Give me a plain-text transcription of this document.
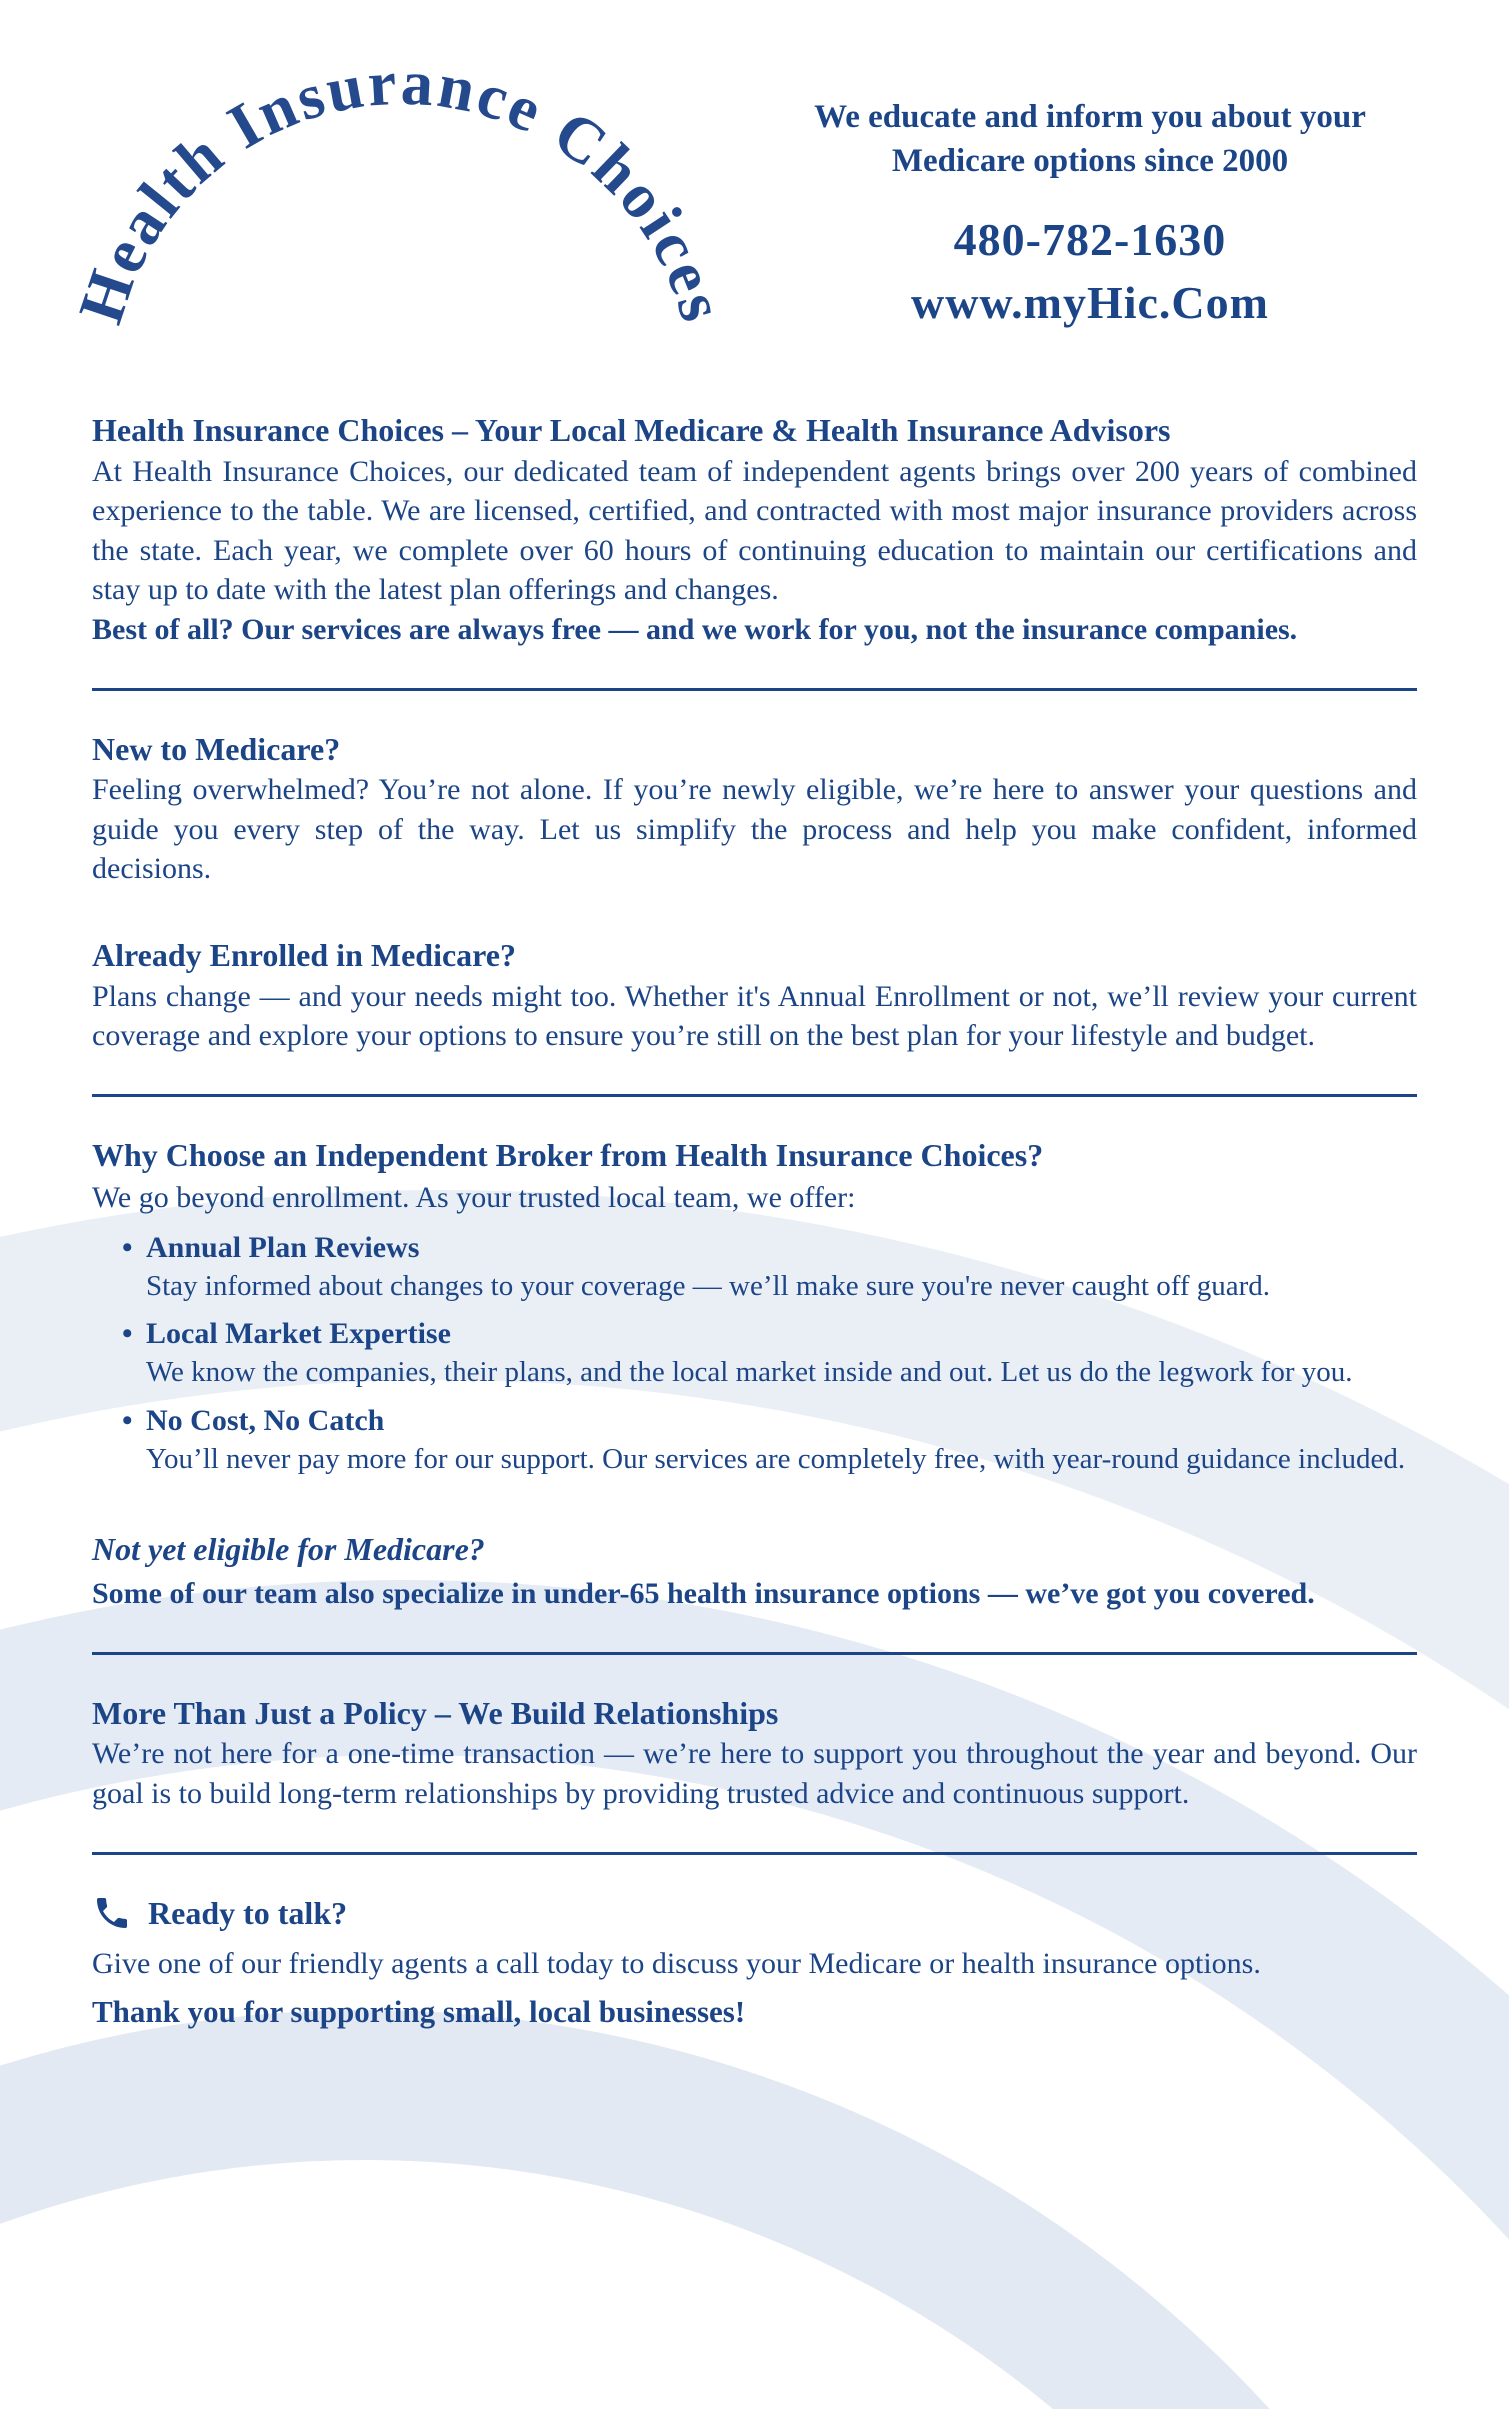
Health Insurance Choices
We educate and inform you about your
Medicare options since 2000
480-782-1630
www.myHic.Com
Health Insurance Choices – Your Local Medicare & Health Insurance Advisors

At Health Insurance Choices, our dedicated team of independent agents brings over 200 years of combined experience to the table. We are licensed, certified, and contracted with most major insurance providers across the state. Each year, we complete over 60 hours of continuing education to maintain our certifications and stay up to date with the latest plan offerings and changes.

Best of all? Our services are always free — and we work for you, not the insurance companies.

New to Medicare?

Feeling overwhelmed? You’re not alone. If you’re newly eligible, we’re here to answer your questions and guide you every step of the way. Let us simplify the process and help you make confident, informed decisions.

Already Enrolled in Medicare?

Plans change — and your needs might too. Whether it's Annual Enrollment or not, we’ll review your current coverage and explore your options to ensure you’re still on the best plan for your lifestyle and budget.

Why Choose an Independent Broker from Health Insurance Choices?

We go beyond enrollment. As your trusted local team, we offer:

• Annual Plan Reviews

Stay informed about changes to your coverage — we’ll make sure you're never caught off guard.

• Local Market Expertise

We know the companies, their plans, and the local market inside and out. Let us do the legwork for you.

• No Cost, No Catch

You’ll never pay more for our support. Our services are completely free, with year-round guidance included.

Not yet eligible for Medicare?

Some of our team also specialize in under-65 health insurance options — we’ve got you covered.

More Than Just a Policy – We Build Relationships

We’re not here for a one-time transaction — we’re here to support you throughout the year and beyond. Our goal is to build long-term relationships by providing trusted advice and continuous support.

Ready to talk?

Give one of our friendly agents a call today to discuss your Medicare or health insurance options.

Thank you for supporting small, local businesses!
